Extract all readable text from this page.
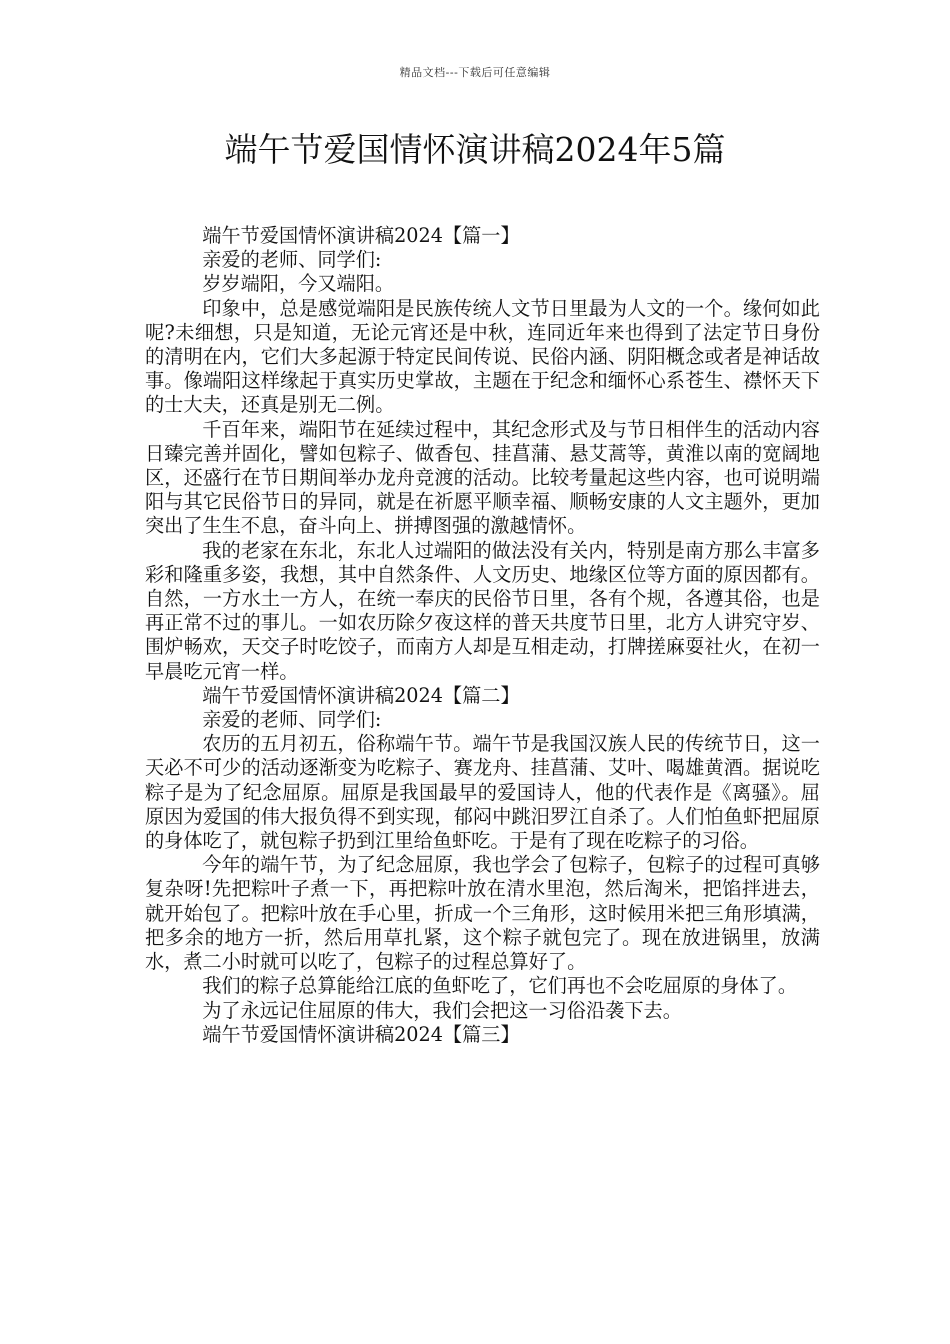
精品文档---下载后可任意编辑
端午节爱国情怀演讲稿2024年5篇

端午节爱国情怀演讲稿2024【篇一】

亲爱的老师、同学们:

岁岁端阳，今又端阳。

印象中，总是感觉端阳是民族传统人文节日里最为人文的一个。缘何如此呢?未细想，只是知道，无论元宵还是中秋，连同近年来也得到了法定节日身份的清明在内，它们大多起源于特定民间传说、民俗内涵、阴阳概念或者是神话故事。像端阳这样缘起于真实历史掌故，主题在于纪念和缅怀心系苍生、襟怀天下的士大夫，还真是别无二例。

千百年来，端阳节在延续过程中，其纪念形式及与节日相伴生的活动内容日臻完善并固化，譬如包粽子、做香包、挂菖蒲、悬艾蒿等，黄淮以南的宽阔地区，还盛行在节日期间举办龙舟竞渡的活动。比较考量起这些内容，也可说明端阳与其它民俗节日的异同，就是在祈愿平顺幸福、顺畅安康的人文主题外，更加突出了生生不息，奋斗向上、拼搏图强的激越情怀。

我的老家在东北，东北人过端阳的做法没有关内，特别是南方那么丰富多彩和隆重多姿，我想，其中自然条件、人文历史、地缘区位等方面的原因都有。自然，一方水土一方人，在统一奉庆的民俗节日里，各有个规，各遵其俗，也是再正常不过的事儿。一如农历除夕夜这样的普天共度节日里，北方人讲究守岁、围炉畅欢，天交子时吃饺子，而南方人却是互相走动，打牌搓麻耍社火，在初一早晨吃元宵一样。

端午节爱国情怀演讲稿2024【篇二】

亲爱的老师、同学们:

农历的五月初五，俗称端午节。端午节是我国汉族人民的传统节日，这一天必不可少的活动逐渐变为吃粽子、赛龙舟、挂菖蒲、艾叶、喝雄黄酒。据说吃粽子是为了纪念屈原。屈原是我国最早的爱国诗人，他的代表作是《离骚》。屈原因为爱国的伟大报负得不到实现，郁闷中跳汨罗江自杀了。人们怕鱼虾把屈原的身体吃了，就包粽子扔到江里给鱼虾吃。于是有了现在吃粽子的习俗。

今年的端午节，为了纪念屈原，我也学会了包粽子，包粽子的过程可真够复杂呀!先把粽叶子煮一下，再把粽叶放在清水里泡，然后淘米，把馅拌进去，就开始包了。把粽叶放在手心里，折成一个三角形，这时候用米把三角形填满，把多余的地方一折，然后用草扎紧，这个粽子就包完了。现在放进锅里，放满水，煮二小时就可以吃了，包粽子的过程总算好了。

我们的粽子总算能给江底的鱼虾吃了，它们再也不会吃屈原的身体了。

为了永远记住屈原的伟大，我们会把这一习俗沿袭下去。

端午节爱国情怀演讲稿2024【篇三】
